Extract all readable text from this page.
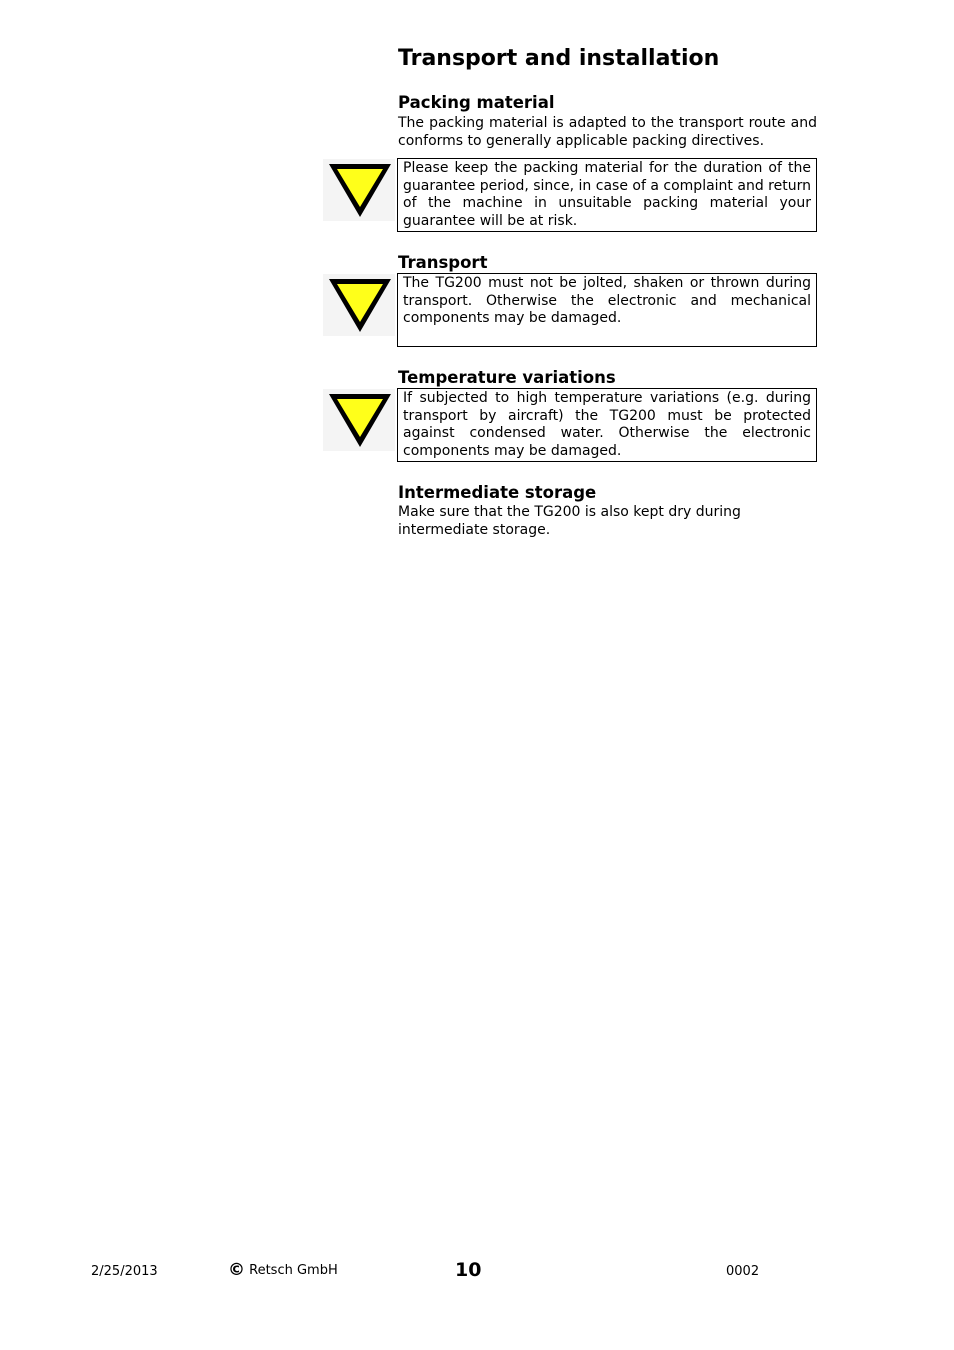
Transport and installation
Packing material

The packing material is adapted to the transport route and conforms to generally applicable packing directives.

Please keep the packing material for the duration of the guarantee period, since, in case of a complaint and return of the machine in unsuitable packing material your guarantee will be at risk.
Transport
The TG200 must not be jolted, shaken or thrown during transport. Otherwise the electronic and mechanical components may be damaged.
Temperature variations
If subjected to high temperature variations (e.g. during transport by aircraft) the TG200 must be protected against condensed water. Otherwise the electronic components may be damaged.
Intermediate storage

Make sure that the TG200 is also kept dry during intermediate storage.

2/25/2013	© Retsch GmbH	10	0002
